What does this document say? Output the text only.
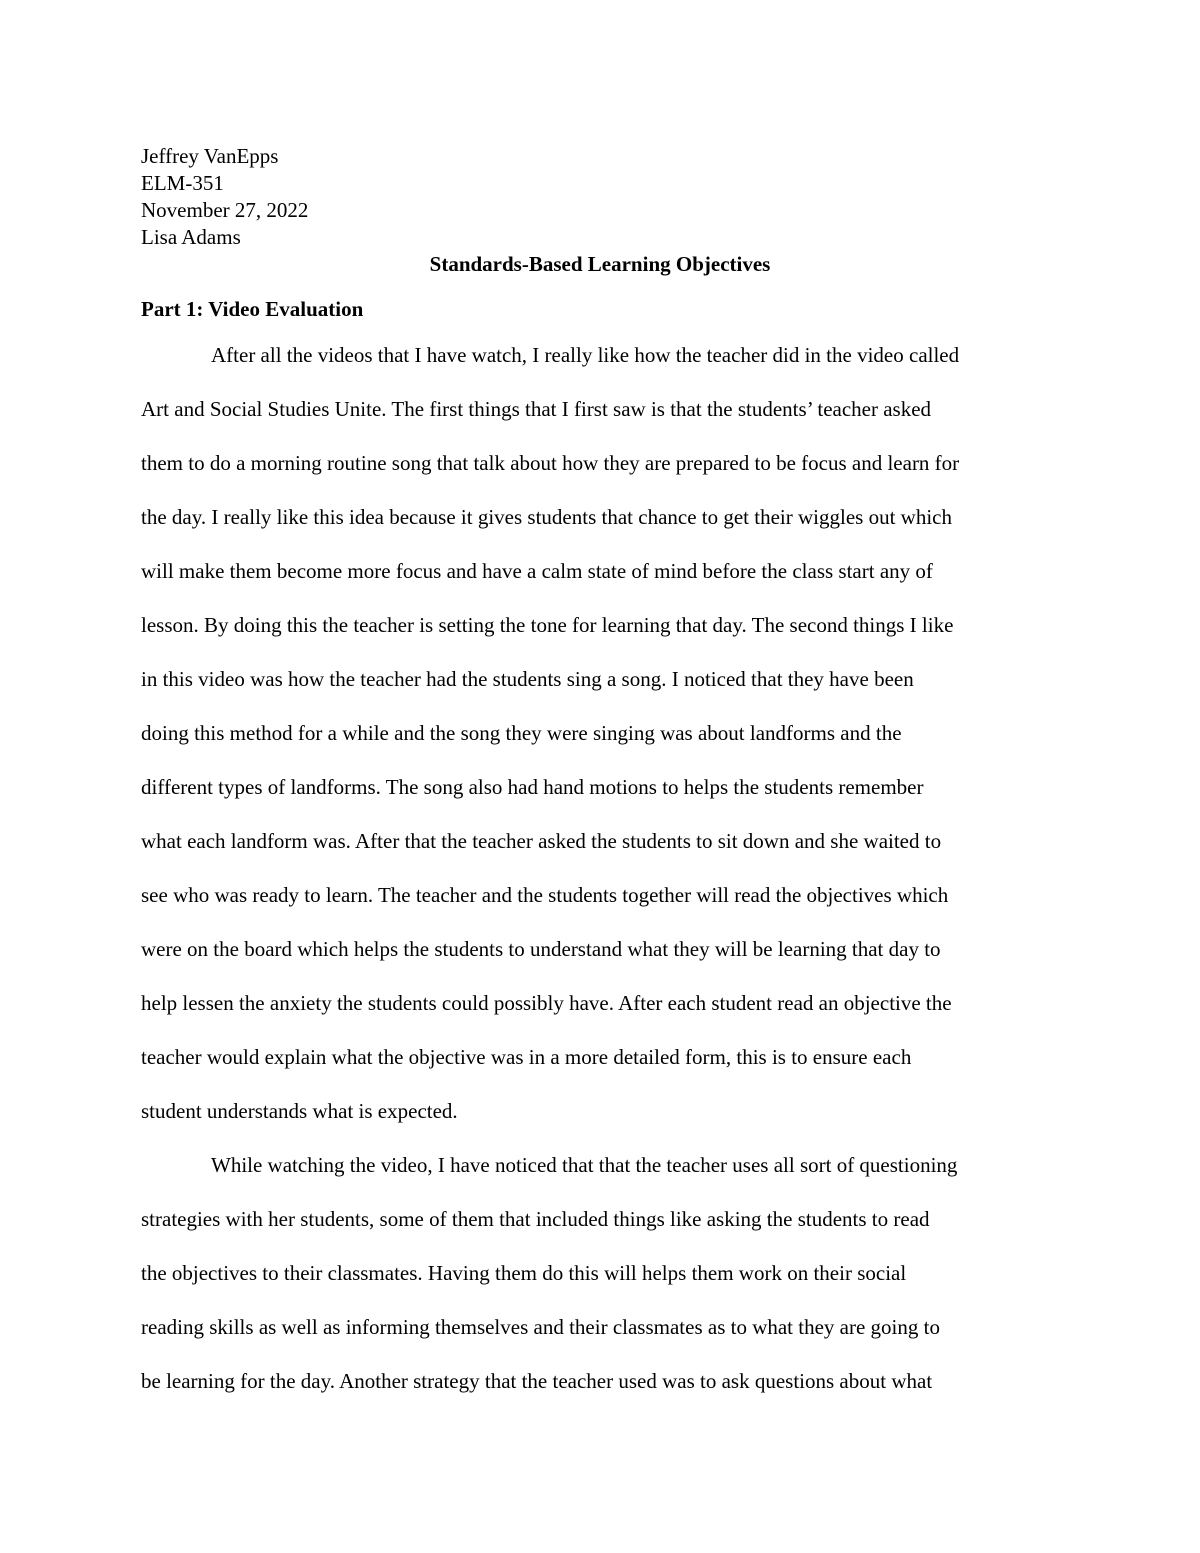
Jeffrey VanEpps
ELM-351
November 27, 2022
Lisa Adams
Standards-Based Learning Objectives
Part 1: Video Evaluation
After all the videos that I have watch, I really like how the teacher did in the video called
Art and Social Studies Unite. The first things that I first saw is that the students’ teacher asked
them to do a morning routine song that talk about how they are prepared to be focus and learn for
the day. I really like this idea because it gives students that chance to get their wiggles out which
will make them become more focus and have a calm state of mind before the class start any of
lesson. By doing this the teacher is setting the tone for learning that day. The second things I like
in this video was how the teacher had the students sing a song. I noticed that they have been
doing this method for a while and the song they were singing was about landforms and the
different types of landforms. The song also had hand motions to helps the students remember
what each landform was. After that the teacher asked the students to sit down and she waited to
see who was ready to learn. The teacher and the students together will read the objectives which
were on the board which helps the students to understand what they will be learning that day to
help lessen the anxiety the students could possibly have. After each student read an objective the
teacher would explain what the objective was in a more detailed form, this is to ensure each
student understands what is expected.
While watching the video, I have noticed that that the teacher uses all sort of questioning
strategies with her students, some of them that included things like asking the students to read
the objectives to their classmates. Having them do this will helps them work on their social
reading skills as well as informing themselves and their classmates as to what they are going to
be learning for the day. Another strategy that the teacher used was to ask questions about what
